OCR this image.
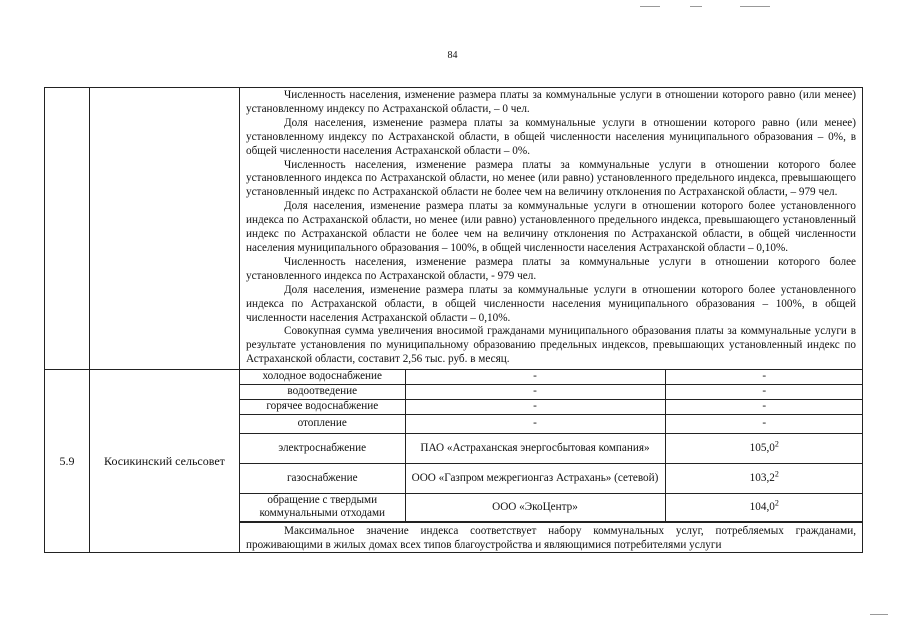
84

Численность населения, изменение размера платы за коммунальные услуги в отношении которого равно (или менее) установленному индексу по Астраханской области, – 0 чел.

Доля населения, изменение размера платы за коммунальные услуги в отношении которого равно (или менее) установленному индексу по Астраханской области, в общей численности населения муниципального образования – 0%, в общей численности населения Астраханской области – 0%.

Численность населения, изменение размера платы за коммунальные услуги в отношении которого более установленного индекса по Астраханской области, но менее (или равно) установленного предельного индекса, превышающего установленный индекс по Астраханской области не более чем на величину отклонения по Астраханской области, – 979 чел.

Доля населения, изменение размера платы за коммунальные услуги в отношении которого более установленного индекса по Астраханской области, но менее (или равно) установленного предельного индекса, превышающего установленный индекс по Астраханской области не более чем на величину отклонения по Астраханской области, в общей численности населения муниципального образования – 100%, в общей численности населения Астраханской области – 0,10%.

Численность населения, изменение размера платы за коммунальные услуги в отношении которого более установленного индекса по Астраханской области, - 979 чел.

Доля населения, изменение размера платы за коммунальные услуги в отношении которого более установленного индекса по Астраханской области, в общей численности населения муниципального образования – 100%, в общей численности населения Астраханской области – 0,10%.

Совокупная сумма увеличения вносимой гражданами муниципального образования платы за коммунальные услуги в результате установления по муниципальному образованию предельных индексов, превышающих установленный индекс по Астраханской области, составит 2,56 тыс. руб. в месяц.

5.9	Косикинский сельсовет	
холодное водоснабжение	-	-
водоотведение	-	-
горячее водоснабжение	-	-
отопление	-	-
электроснабжение	ПАО «Астраханская энергосбытовая компания»	105,0$^2$
газоснабжение	ООО «Газпром межрегионгаз Астрахань» (сетевой)	103,2$^2$
обращение с твердыми коммунальными отходами	ООО «ЭкоЦентр»	104,0$^2$

Максимальное значение индекса соответствует набору коммунальных услуг, потребляемых гражданами, проживающими в жилых домах всех типов благоустройства и являющимися потребителями услуги
